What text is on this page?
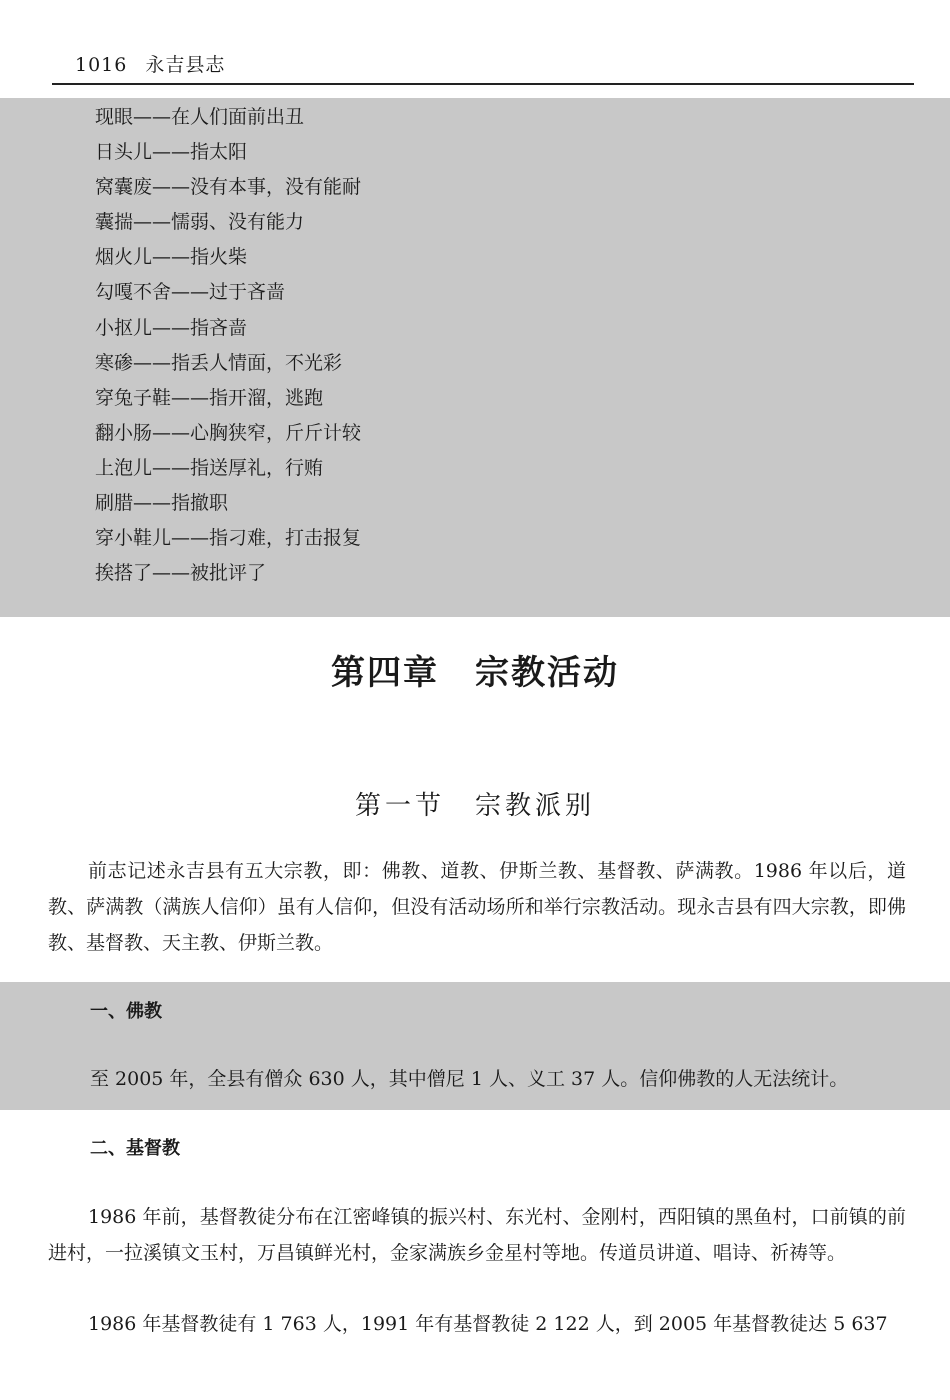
1016 永吉县志
现眼——在人们面前出丑
日头儿——指太阳
窝囊废——没有本事，没有能耐
囊揣——懦弱、没有能力
烟火儿——指火柴
勾嘎不舍——过于吝啬
小抠儿——指吝啬
寒碜——指丢人情面，不光彩
穿兔子鞋——指开溜，逃跑
翻小肠——心胸狭窄，斤斤计较
上泡儿——指送厚礼，行贿
刷腊——指撤职
穿小鞋儿——指刁难，打击报复
挨搭了——被批评了
第四章　宗教活动
第一节　宗教派别

前志记述永吉县有五大宗教，即：佛教、道教、伊斯兰教、基督教、萨满教。1986 年以后，道教、萨满教（满族人信仰）虽有人信仰，但没有活动场所和举行宗教活动。现永吉县有四大宗教，即佛教、基督教、天主教、伊斯兰教。

一、佛教
至 2005 年，全县有僧众 630 人，其中僧尼 1 人、义工 37 人。信仰佛教的人无法统计。
二、基督教

1986 年前，基督教徒分布在江密峰镇的振兴村、东光村、金刚村，西阳镇的黑鱼村，口前镇的前进村，一拉溪镇文玉村，万昌镇鲜光村，金家满族乡金星村等地。传道员讲道、唱诗、祈祷等。

1986 年基督教徒有 1 763 人，1991 年有基督教徒 2 122 人，到 2005 年基督教徒达 5 637
